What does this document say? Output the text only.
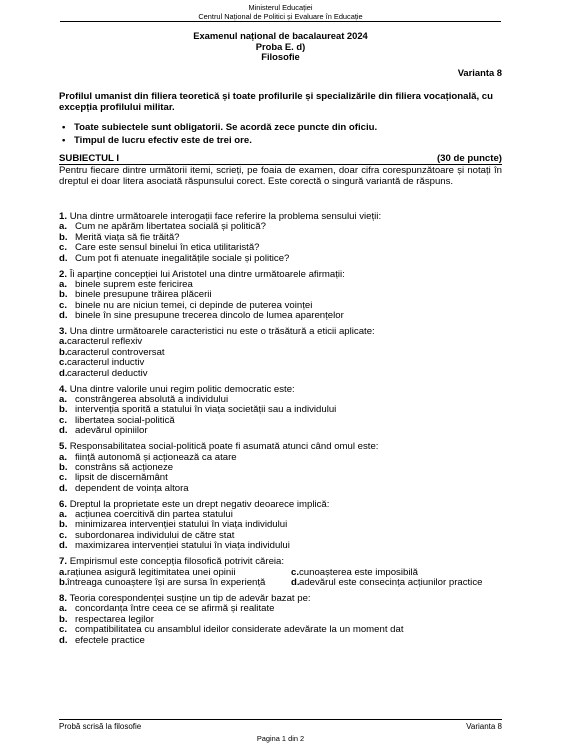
Ministerul Educației
Centrul Național de Politici și Evaluare în Educație
Examenul național de bacalaureat 2024
Proba E. d)
Filosofie
Varianta 8
Profilul umanist din filiera teoretică și toate profilurile și specializările din filiera vocațională, cu excepția profilului militar.
• Toate subiectele sunt obligatorii. Se acordă zece puncte din oficiu.
• Timpul de lucru efectiv este de trei ore.
SUBIECTUL I	(30 de puncte)
Pentru fiecare dintre următorii itemi, scrieți, pe foaia de examen, doar cifra corespunzătoare și notați în dreptul ei doar litera asociată răspunsului corect. Este corectă o singură variantă de răspuns.
1. Una dintre următoarele interogații face referire la problema sensului vieții:
a. Cum ne apărăm libertatea socială și politică?
b. Merită viața să fie trăită?
c. Care este sensul binelui în etica utilitaristă?
d. Cum pot fi atenuate inegalitățile sociale și politice?
2. Îi aparține concepției lui Aristotel una dintre următoarele afirmații:
a. binele suprem este fericirea
b. binele presupune trăirea plăcerii
c. binele nu are niciun temei, ci depinde de puterea voinței
d. binele în sine presupune trecerea dincolo de lumea aparențelor
3. Una dintre următoarele caracteristici nu este o trăsătură a eticii aplicate:
a. caracterul reflexiv
b. caracterul controversat
c. caracterul inductiv
d. caracterul deductiv
4. Una dintre valorile unui regim politic democratic este:
a. constrângerea absolută a individului
b. intervenția sporită a statului în viața societății sau a individului
c. libertatea social-politică
d. adevărul opiniilor
5. Responsabilitatea social-politică poate fi asumată atunci când omul este:
a. ființă autonomă și acționează ca atare
b. constrâns să acționeze
c. lipsit de discernământ
d. dependent de voința altora
6. Dreptul la proprietate este un drept negativ deoarece implică:
a. acțiunea coercitivă din partea statului
b. minimizarea intervenției statului în viața individului
c. subordonarea individului de către stat
d. maximizarea intervenției statului în viața individului
7. Empirismul este concepția filosofică potrivit căreia:
a. rațiunea asigură legitimitatea unei opinii
b. întreaga cunoaștere își are sursa în experiență
c. cunoașterea este imposibilă
d. adevărul este consecința acțiunilor practice
8. Teoria corespondenței susține un tip de adevăr bazat pe:
a. concordanța între ceea ce se afirmă și realitate
b. respectarea legilor
c. compatibilitatea cu ansamblul ideilor considerate adevărate la un moment dat
d. efectele practice
Probă scrisă la filosofie	Varianta 8
Pagina 1 din 2
